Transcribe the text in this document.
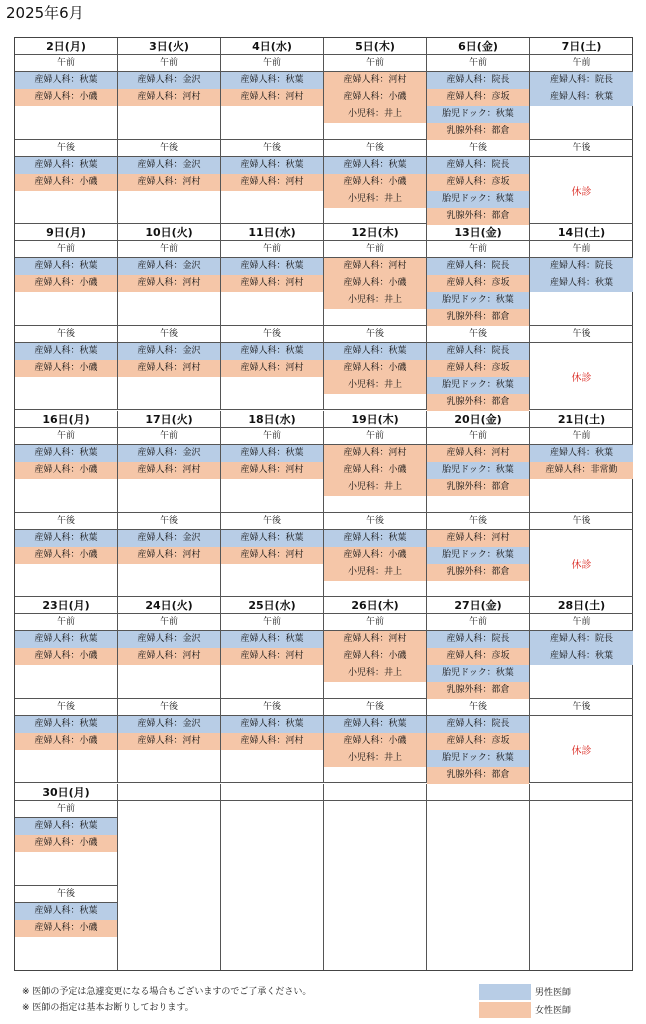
2025年6月
2日(月)
午前
産婦人科：秋葉
産婦人科：小磯
午後
産婦人科：秋葉
産婦人科：小磯
3日(火)
午前
産婦人科：金沢
産婦人科：河村
午後
産婦人科：金沢
産婦人科：河村
4日(水)
午前
産婦人科：秋葉
産婦人科：河村
午後
産婦人科：秋葉
産婦人科：河村
5日(木)
午前
産婦人科：河村
産婦人科：小磯
小児科：井上
午後
産婦人科：秋葉
産婦人科：小磯
小児科：井上
6日(金)
午前
産婦人科：院長
産婦人科：彦坂
胎児ドック：秋葉
乳腺外科：都倉
午後
産婦人科：院長
産婦人科：彦坂
胎児ドック：秋葉
乳腺外科：都倉
7日(土)
午前
産婦人科：院長
産婦人科：秋葉
午後
休診
9日(月)
午前
産婦人科：秋葉
産婦人科：小磯
午後
産婦人科：秋葉
産婦人科：小磯
10日(火)
午前
産婦人科：金沢
産婦人科：河村
午後
産婦人科：金沢
産婦人科：河村
11日(水)
午前
産婦人科：秋葉
産婦人科：河村
午後
産婦人科：秋葉
産婦人科：河村
12日(木)
午前
産婦人科：河村
産婦人科：小磯
小児科：井上
午後
産婦人科：秋葉
産婦人科：小磯
小児科：井上
13日(金)
午前
産婦人科：院長
産婦人科：彦坂
胎児ドック：秋葉
乳腺外科：都倉
午後
産婦人科：院長
産婦人科：彦坂
胎児ドック：秋葉
乳腺外科：都倉
14日(土)
午前
産婦人科：院長
産婦人科：秋葉
午後
休診
16日(月)
午前
産婦人科：秋葉
産婦人科：小磯
午後
産婦人科：秋葉
産婦人科：小磯
17日(火)
午前
産婦人科：金沢
産婦人科：河村
午後
産婦人科：金沢
産婦人科：河村
18日(水)
午前
産婦人科：秋葉
産婦人科：河村
午後
産婦人科：秋葉
産婦人科：河村
19日(木)
午前
産婦人科：河村
産婦人科：小磯
小児科：井上
午後
産婦人科：秋葉
産婦人科：小磯
小児科：井上
20日(金)
午前
産婦人科：河村
胎児ドック：秋葉
乳腺外科：都倉
午後
産婦人科：河村
胎児ドック：秋葉
乳腺外科：都倉
21日(土)
午前
産婦人科：秋葉
産婦人科：非常勤
午後
休診
23日(月)
午前
産婦人科：秋葉
産婦人科：小磯
午後
産婦人科：秋葉
産婦人科：小磯
24日(火)
午前
産婦人科：金沢
産婦人科：河村
午後
産婦人科：金沢
産婦人科：河村
25日(水)
午前
産婦人科：秋葉
産婦人科：河村
午後
産婦人科：秋葉
産婦人科：河村
26日(木)
午前
産婦人科：河村
産婦人科：小磯
小児科：井上
午後
産婦人科：秋葉
産婦人科：小磯
小児科：井上
27日(金)
午前
産婦人科：院長
産婦人科：彦坂
胎児ドック：秋葉
乳腺外科：都倉
午後
産婦人科：院長
産婦人科：彦坂
胎児ドック：秋葉
乳腺外科：都倉
28日(土)
午前
産婦人科：院長
産婦人科：秋葉
午後
休診
30日(月)
午前
産婦人科：秋葉
産婦人科：小磯
午後
産婦人科：秋葉
産婦人科：小磯
※ 医師の予定は急遽変更になる場合もございますのでご了承ください。
※ 医師の指定は基本お断りしております。
男性医師
女性医師
